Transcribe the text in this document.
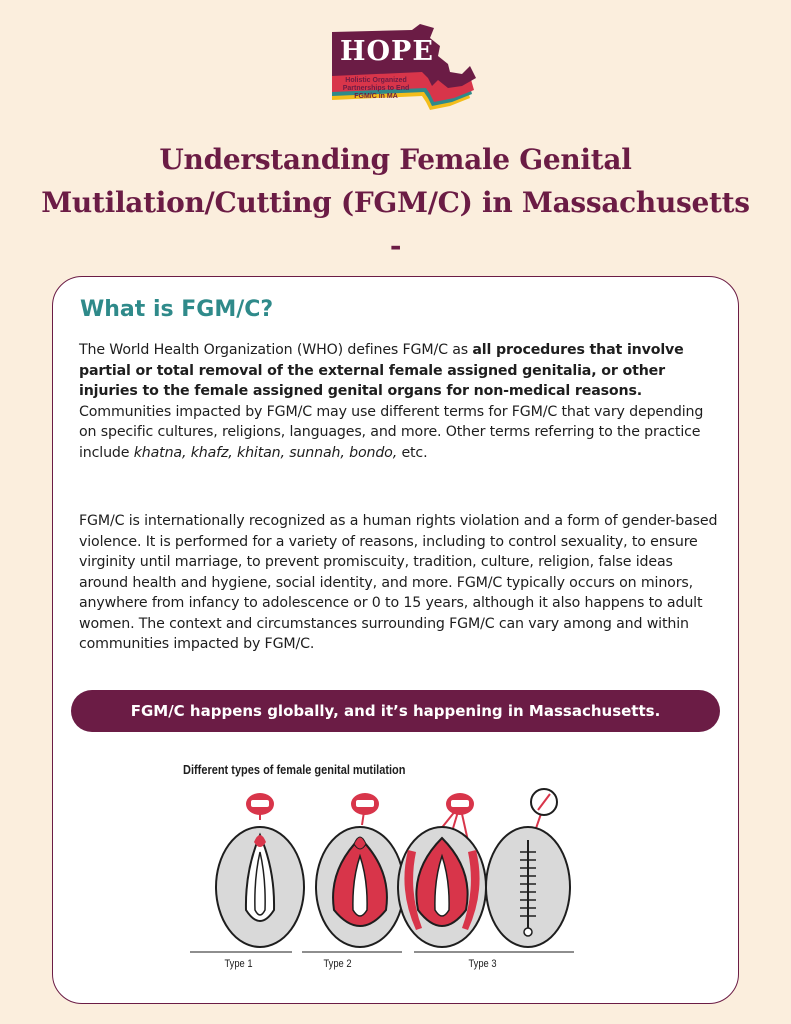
HOPE
Holistic Organized
Partnerships to End
FGM/C in MA
Understanding Female Genital
Mutilation/Cutting (FGM/C) in Massachusetts -
What is FGM/C?

The World Health Organization (WHO) defines FGM/C as all procedures that involve partial or total removal of the external female assigned genitalia, or other injuries to the female assigned genital organs for non-medical reasons. Communities impacted by FGM/C may use different terms for FGM/C that vary depending on specific cultures, religions, languages, and more. Other terms referring to the practice include khatna, khafz, khitan, sunnah, bondo, etc.

FGM/C is internationally recognized as a human rights violation and a form of gender-based violence. It is performed for a variety of reasons, including to control sexuality, to ensure virginity until marriage, to prevent promiscuity, tradition, culture, religion, false ideas around health and hygiene, social identity, and more. FGM/C typically occurs on minors, anywhere from infancy to adolescence or 0 to 15 years, although it also happens to adult women. The context and circumstances surrounding FGM/C can vary among and within communities impacted by FGM/C.

FGM/C happens globally, and it’s happening in Massachusetts.
Different types of female genital mutilation
Type 1	Type 2	Type 3
